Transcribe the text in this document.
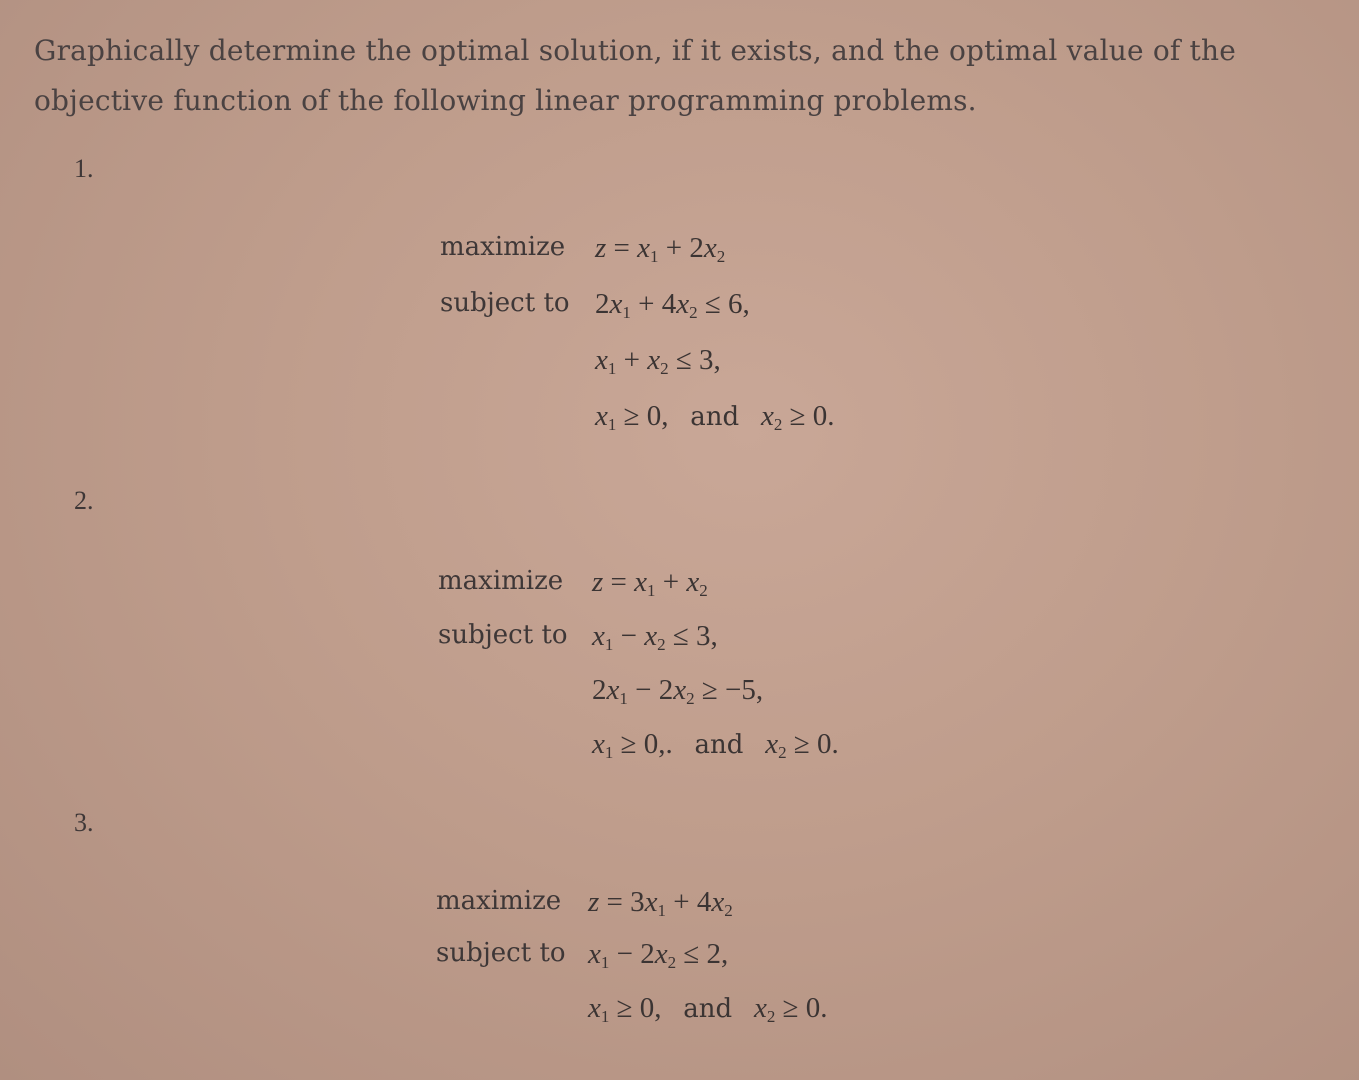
Graphically determine the optimal solution, if it exists, and the optimal value of the
objective function of the following linear programming problems.
1.
maximize
subject to
$z = x_1 + 2x_2$
$2x_1 + 4x_2 \le 6$,
$x_1 + x_2 \le 3$,
$x_1 \ge 0$,   and $x_2 \ge 0$.
2.
maximize
subject to
$z = x_1 + x_2$
$x_1 - x_2 \le 3$,
$2x_1 - 2x_2 \ge -5$,
$x_1 \ge 0$,.   and $x_2 \ge 0$.
3.
maximize
subject to
$z = 3x_1 + 4x_2$
$x_1 - 2x_2 \le 2$,
$x_1 \ge 0$,   and $x_2 \ge 0$.
